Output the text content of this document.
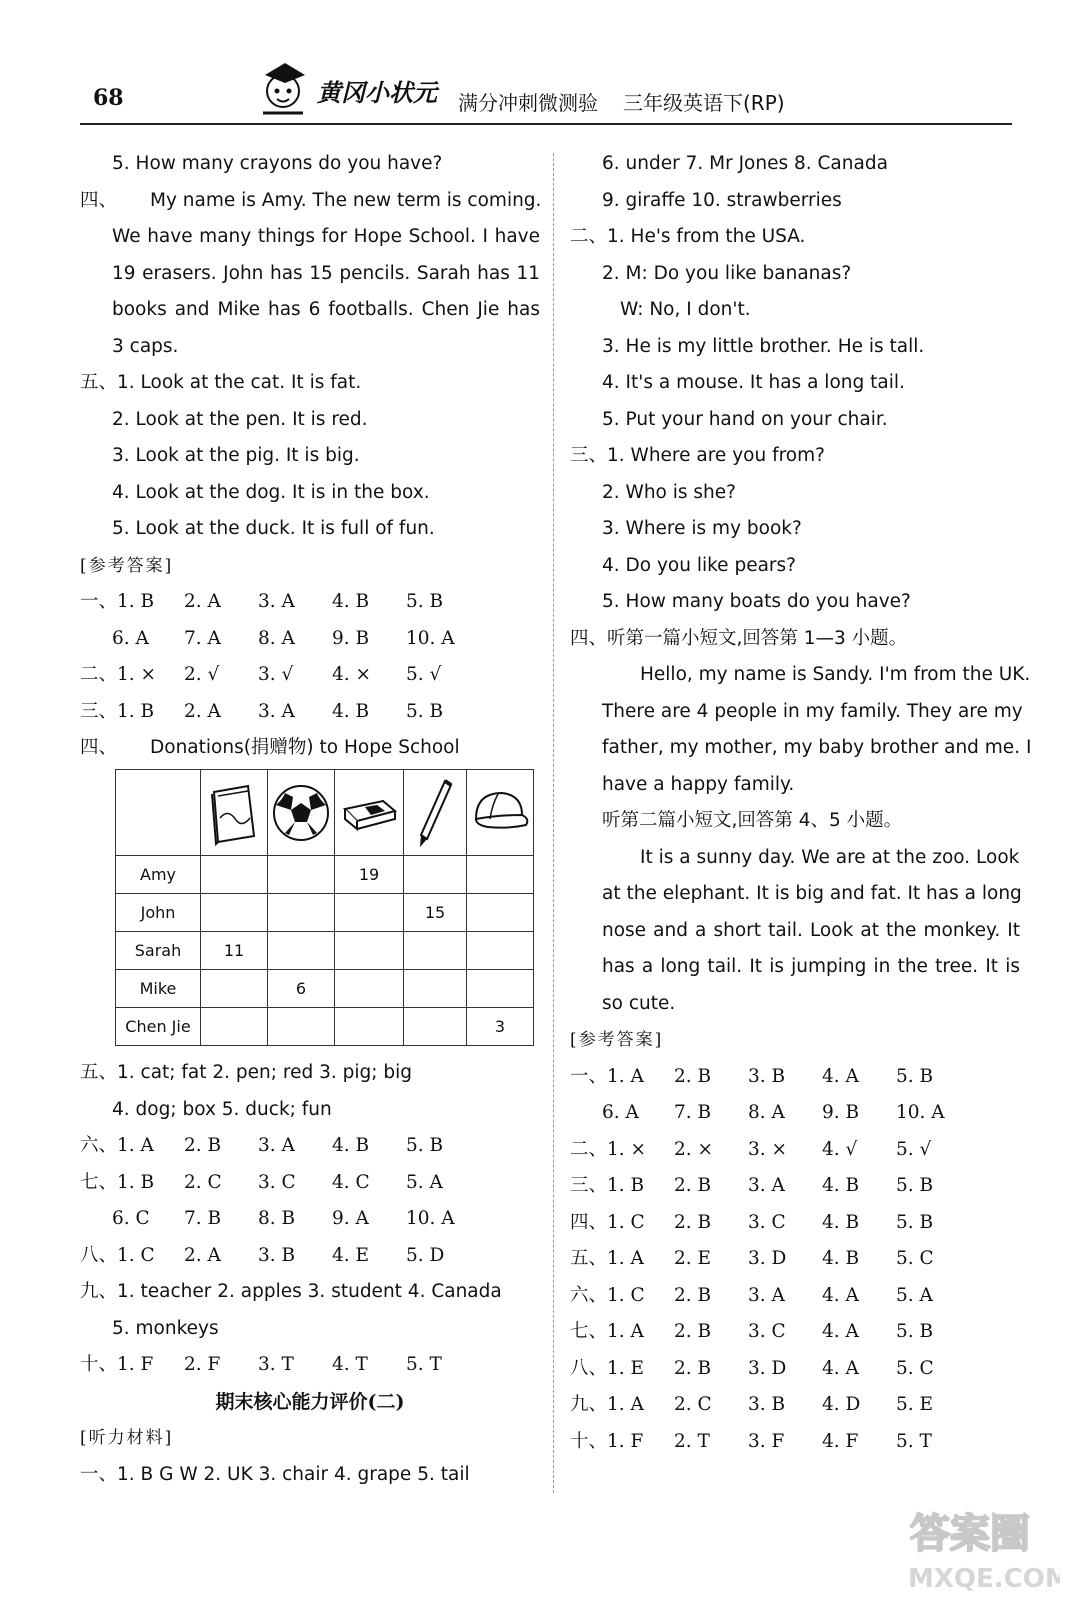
68	黄冈小状元 满分冲刺微测验 三年级英语下(RP)
5. How many crayons do you have?
四、 My name is Amy. The new term is coming.
We have many things for Hope School. I have
19 erasers. John has 15 pencils. Sarah has 11
books and Mike has 6 footballs. Chen Jie has
3 caps.
五、1. Look at the cat. It is fat.
2. Look at the pen. It is red.
3. Look at the pig. It is big.
4. Look at the dog. It is in the box.
5. Look at the duck. It is full of fun.
[参考答案]
一、1. B	2. A	3. A	4. B	5. B
6. A	7. A	8. A	9. B	10. A
二、1. ×	2. √	3. √	4. ×	5. √
三、1. B	2. A	3. A	4. B	5. B
四、 Donations(捐赠物) to Hope School

Amy			19		
John				15	
Sarah	11				
Mike		6			
Chen Jie					3
五、1. cat; fat 2. pen; red 3. pig; big
4. dog; box 5. duck; fun
六、1. A	2. B	3. A	4. B	5. B
七、1. B	2. C	3. C	4. C	5. A
6. C	7. B	8. B	9. A	10. A
八、1. C	2. A	3. B	4. E	5. D
九、1. teacher 2. apples 3. student 4. Canada
5. monkeys
十、1. F	2. F	3. T	4. T	5. T
期末核心能力评价(二)
[听力材料]
一、1. B G W 2. UK 3. chair 4. grape 5. tail
6. under 7. Mr Jones 8. Canada
9. giraffe 10. strawberries
二、1. He's from the USA.
2. M: Do you like bananas?
W: No, I don't.
3. He is my little brother. He is tall.
4. It's a mouse. It has a long tail.
5. Put your hand on your chair.
三、1. Where are you from?
2. Who is she?
3. Where is my book?
4. Do you like pears?
5. How many boats do you have?
四、听第一篇小短文,回答第 1—3 小题。
Hello, my name is Sandy. I'm from the UK.
There are 4 people in my family. They are my
father, my mother, my baby brother and me. I
have a happy family.
听第二篇小短文,回答第 4、5 小题。
It is a sunny day. We are at the zoo. Look
at the elephant. It is big and fat. It has a long
nose and a short tail. Look at the monkey. It
has a long tail. It is jumping in the tree. It is
so cute.
[参考答案]
一、1. A	2. B	3. B	4. A	5. B
6. A	7. B	8. A	9. B	10. A
二、1. ×	2. ×	3. ×	4. √	5. √
三、1. B	2. B	3. A	4. B	5. B
四、1. C	2. B	3. C	4. B	5. B
五、1. A	2. E	3. D	4. B	5. C
六、1. C	2. B	3. A	4. A	5. A
七、1. A	2. B	3. C	4. A	5. B
八、1. E	2. B	3. D	4. A	5. C
九、1. A	2. C	3. B	4. D	5. E
十、1. F	2. T	3. F	4. F	5. T
答案圈
MXQE.COM
